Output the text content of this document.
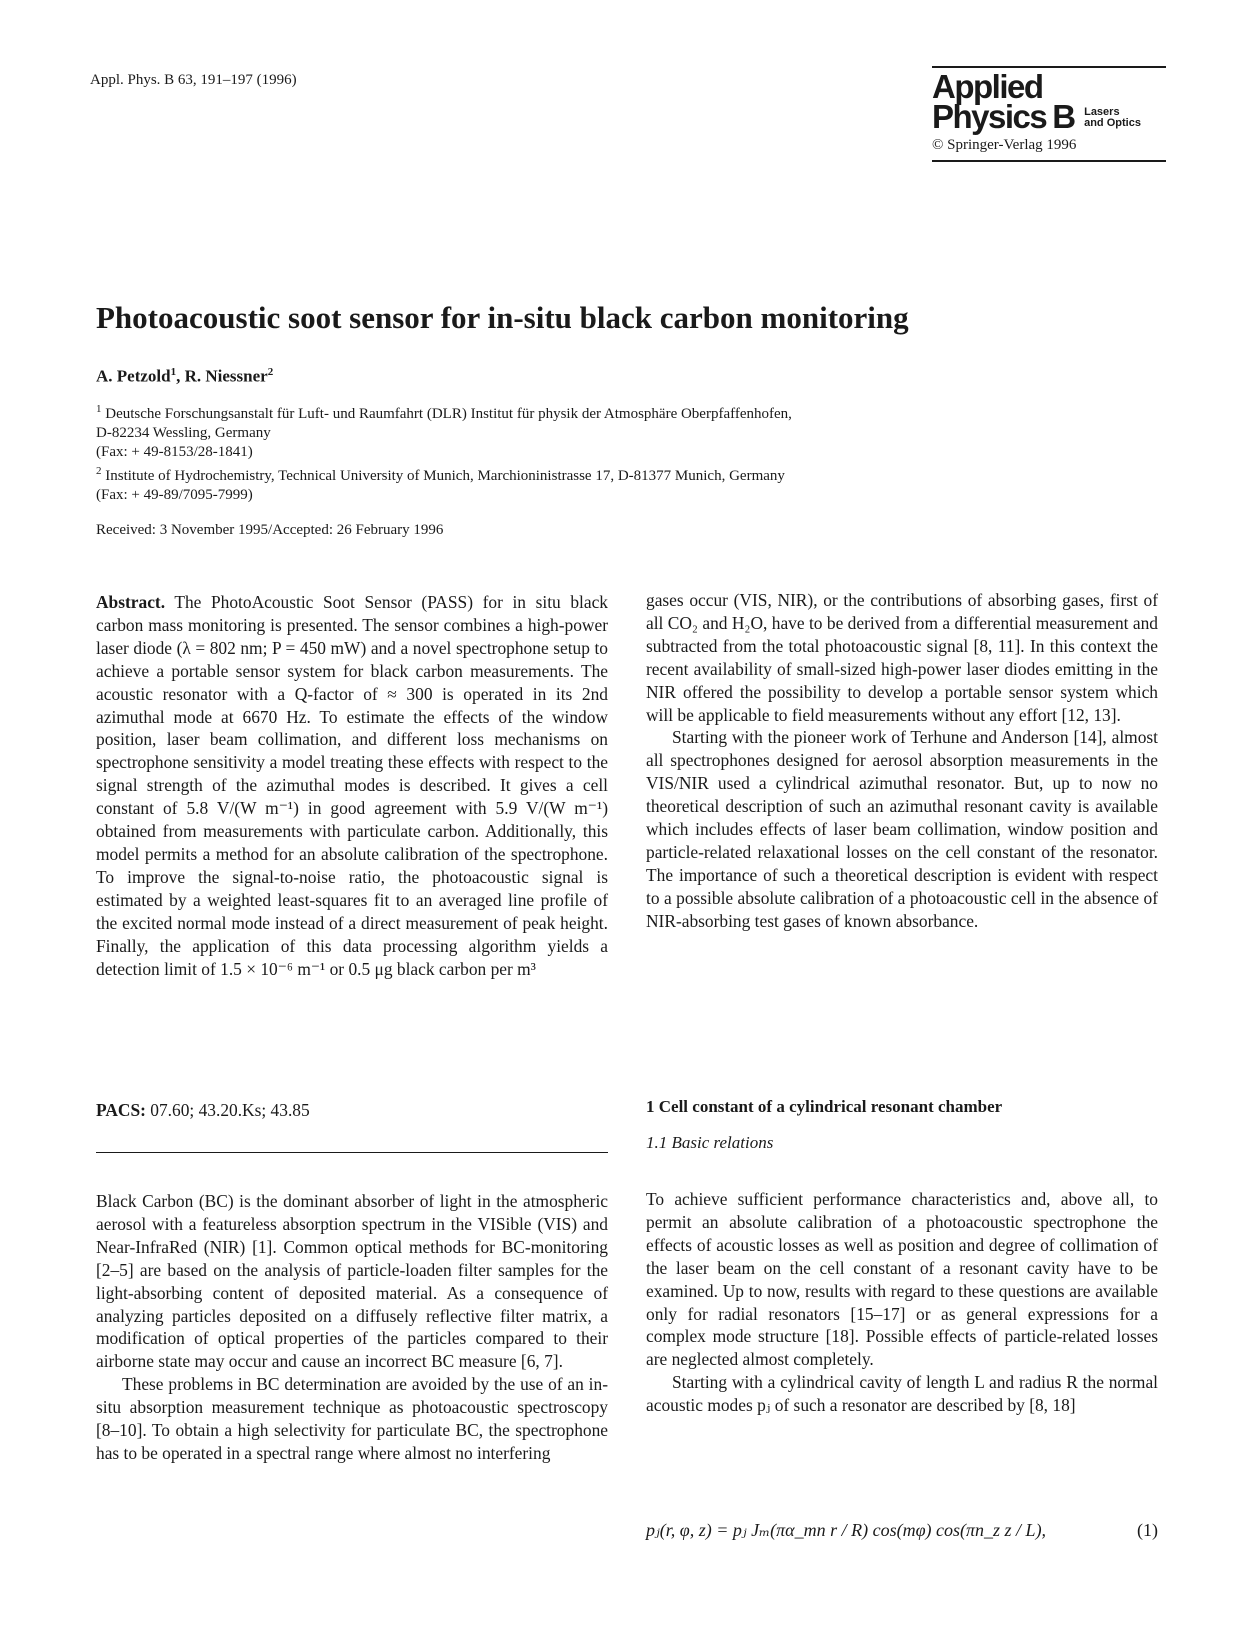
Appl. Phys. B 63, 191–197 (1996)	Applied
Physics B Lasers
and Optics
© Springer-Verlag 1996
Photoacoustic soot sensor for in-situ black carbon monitoring
A. Petzold$^1$, R. Niessner$^2$
$^1$ Deutsche Forschungsanstalt für Luft- und Raumfahrt (DLR) Institut für physik der Atmosphäre Oberpfaffenhofen,
D-82234 Wessling, Germany
(Fax: + 49-8153/28-1841)
$^2$ Institute of Hydrochemistry, Technical University of Munich, Marchioninistrasse 17, D-81377 Munich, Germany
(Fax: + 49-89/7095-7999)
Received: 3 November 1995/Accepted: 26 February 1996

Abstract. The PhotoAcoustic Soot Sensor (PASS) for in situ black carbon mass monitoring is presented. The sensor combines a high-power laser diode (λ = 802 nm; P = 450 mW) and a novel spectrophone setup to achieve a portable sensor system for black carbon measurements. The acoustic resonator with a Q-factor of ≈ 300 is operated in its 2nd azimuthal mode at 6670 Hz. To estimate the effects of the window position, laser beam collimation, and different loss mechanisms on spectrophone sensitivity a model treating these effects with respect to the signal strength of the azimuthal modes is described. It gives a cell constant of 5.8 V/(W m⁻¹) in good agreement with 5.9 V/(W m⁻¹) obtained from measurements with particulate carbon. Additionally, this model permits a method for an absolute calibration of the spectrophone. To improve the signal-to-noise ratio, the photoacoustic signal is estimated by a weighted least-squares fit to an averaged line profile of the excited normal mode instead of a direct measurement of peak height. Finally, the application of this data processing algorithm yields a detection limit of 1.5 × 10⁻⁶ m⁻¹ or 0.5 μg black carbon per m³

PACS: 07.60; 43.20.Ks; 43.85

Black Carbon (BC) is the dominant absorber of light in the atmospheric aerosol with a featureless absorption spectrum in the VISible (VIS) and Near-InfraRed (NIR) [1]. Common optical methods for BC-monitoring [2–5] are based on the analysis of particle-loaden filter samples for the light-absorbing content of deposited material. As a consequence of analyzing particles deposited on a diffusely reflective filter matrix, a modification of optical properties of the particles compared to their airborne state may occur and cause an incorrect BC measure [6, 7].

These problems in BC determination are avoided by the use of an in-situ absorption measurement technique as photoacoustic spectroscopy [8–10]. To obtain a high selectivity for particulate BC, the spectrophone has to be operated in a spectral range where almost no interfering

gases occur (VIS, NIR), or the contributions of absorbing gases, first of all CO₂ and H₂O, have to be derived from a differential measurement and subtracted from the total photoacoustic signal [8, 11]. In this context the recent availability of small-sized high-power laser diodes emitting in the NIR offered the possibility to develop a portable sensor system which will be applicable to field measurements without any effort [12, 13].

Starting with the pioneer work of Terhune and Anderson [14], almost all spectrophones designed for aerosol absorption measurements in the VIS/NIR used a cylindrical azimuthal resonator. But, up to now no theoretical description of such an azimuthal resonant cavity is available which includes effects of laser beam collimation, window position and particle-related relaxational losses on the cell constant of the resonator. The importance of such a theoretical description is evident with respect to a possible absolute calibration of a photoacoustic cell in the absence of NIR-absorbing test gases of known absorbance.

1 Cell constant of a cylindrical resonant chamber
1.1 Basic relations

To achieve sufficient performance characteristics and, above all, to permit an absolute calibration of a photoacoustic spectrophone the effects of acoustic losses as well as position and degree of collimation of the laser beam on the cell constant of a resonant cavity have to be examined. Up to now, results with regard to these questions are available only for radial resonators [15–17] or as general expressions for a complex mode structure [18]. Possible effects of particle-related losses are neglected almost completely.

Starting with a cylindrical cavity of length L and radius R the normal acoustic modes pⱼ of such a resonator are described by [8, 18]

pⱼ(r, φ, z) = pⱼ Jₘ(πα_mn r / R) cos(mφ) cos(πn_z z / L),	(1)
